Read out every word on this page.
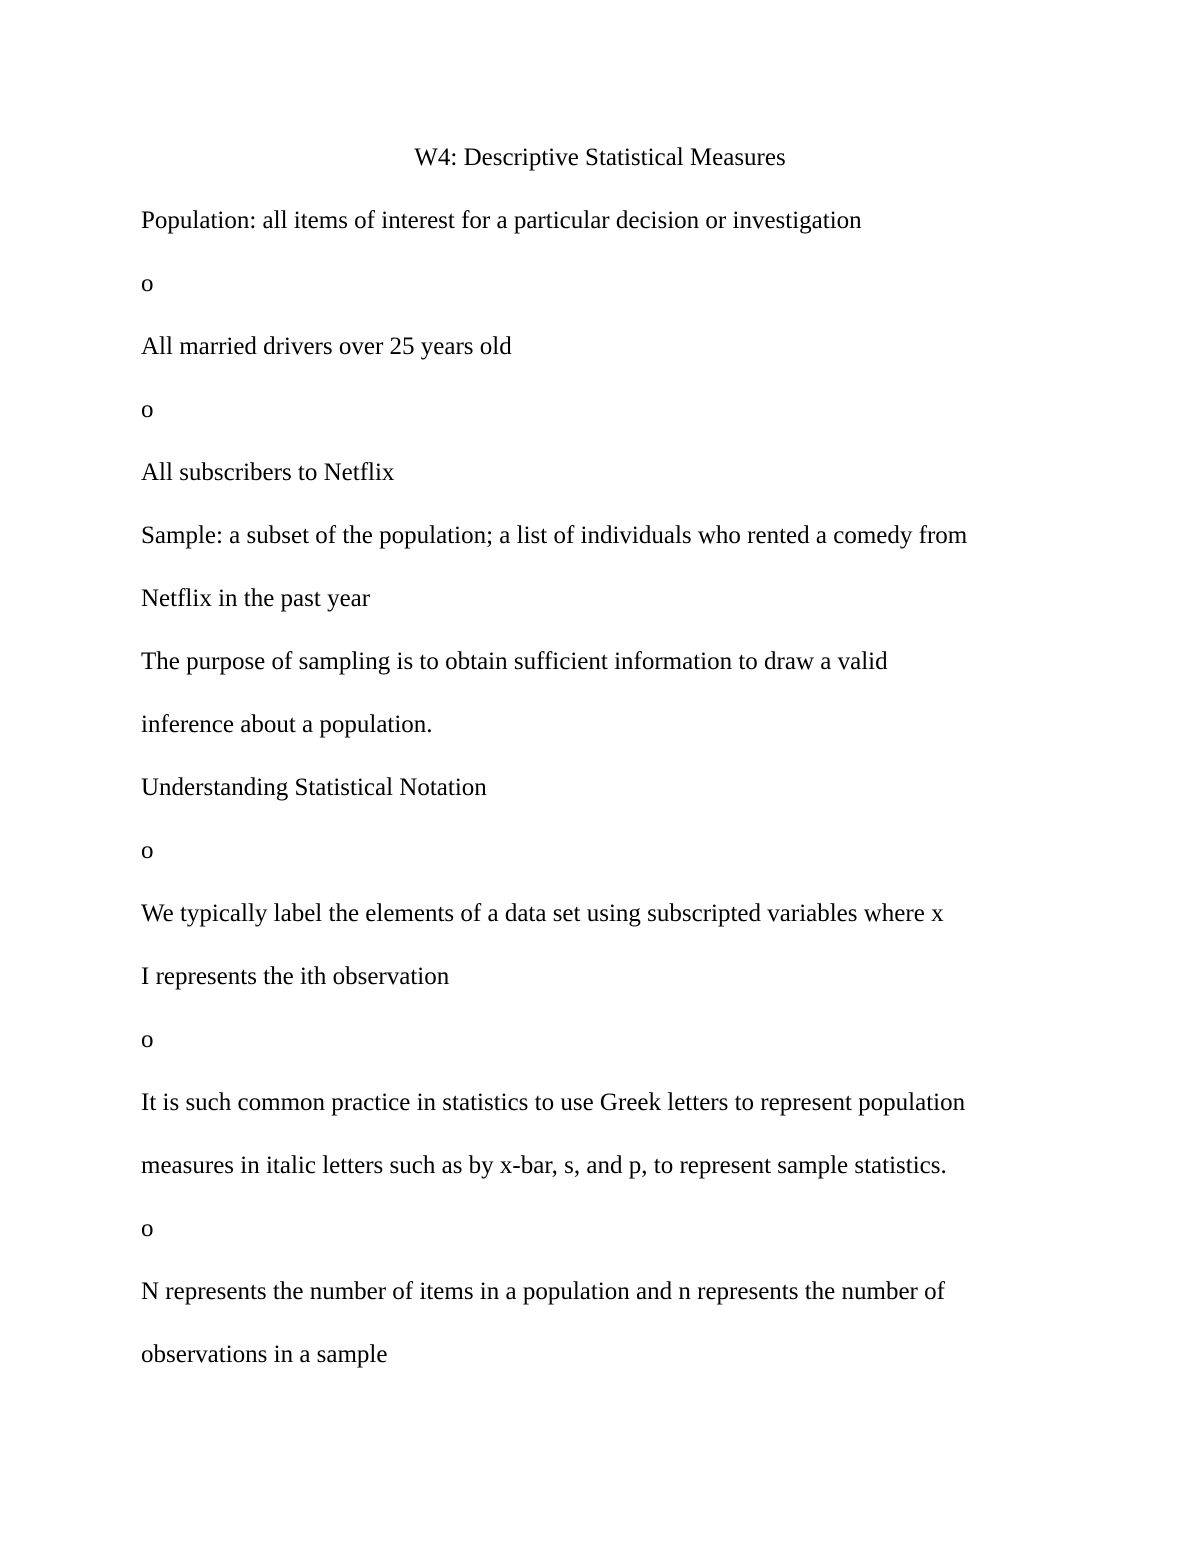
W4: Descriptive Statistical Measures
Population: all items of interest for a particular decision or investigation
o
All married drivers over 25 years old
o
All subscribers to Netflix
Sample: a subset of the population; a list of individuals who rented a comedy from
Netflix in the past year
The purpose of sampling is to obtain sufficient information to draw a valid
inference about a population.
Understanding Statistical Notation
o
We typically label the elements of a data set using subscripted variables where x
I represents the ith observation
o
It is such common practice in statistics to use Greek letters to represent population
measures in italic letters such as by x-bar, s, and p, to represent sample statistics.
o
N represents the number of items in a population and n represents the number of
observations in a sample
